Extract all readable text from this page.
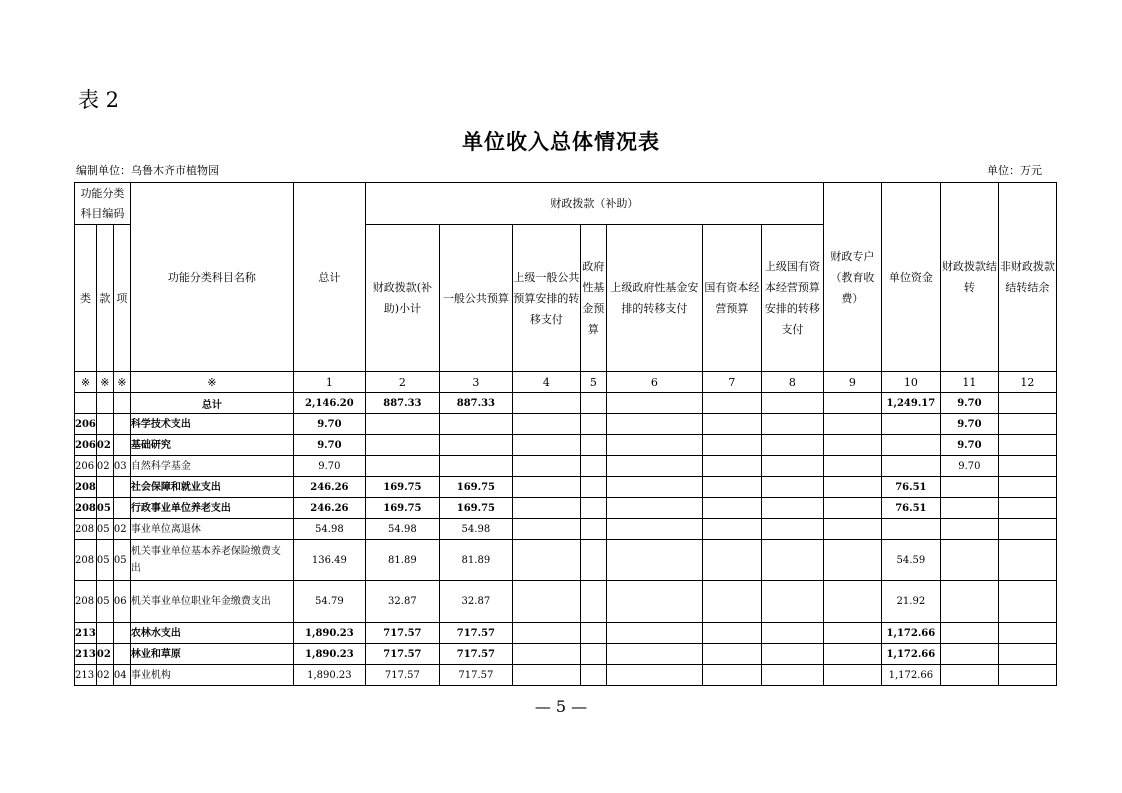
表 2
单位收入总体情况表
编制单位：乌鲁木齐市植物园	单位：万元
功能分类科目编码			功能分类科目名称	总计	财政拨款（补助）							财政专户（教育收费）	单位资金	财政拨款结转	非财政拨款结转结余
类	款	项			财政拨款(补助)小计	一般公共预算	上级一般公共预算安排的转移支付	政府性基金预算	上级政府性基金安排的转移支付	国有资本经营预算	上级国有资本经营预算安排的转移支付				
※	※	※	※	1	2	3	4	5	6	7	8	9	10	11	12
			总计	2,146.20	887.33	887.33							1,249.17	9.70	
206			科学技术支出	9.70										9.70	
206	02		基础研究	9.70										9.70	
206	02	03	自然科学基金	9.70										9.70	
208			社会保障和就业支出	246.26	169.75	169.75							76.51		
208	05		行政事业单位养老支出	246.26	169.75	169.75							76.51		
208	05	02	事业单位离退休	54.98	54.98	54.98									
208	05	05	机关事业单位基本养老保险缴费支出	136.49	81.89	81.89							54.59		
208	05	06	机关事业单位职业年金缴费支出	54.79	32.87	32.87							21.92		
213			农林水支出	1,890.23	717.57	717.57							1,172.66		
213	02		林业和草原	1,890.23	717.57	717.57							1,172.66		
213	02	04	事业机构	1,890.23	717.57	717.57							1,172.66		
— 5 —
